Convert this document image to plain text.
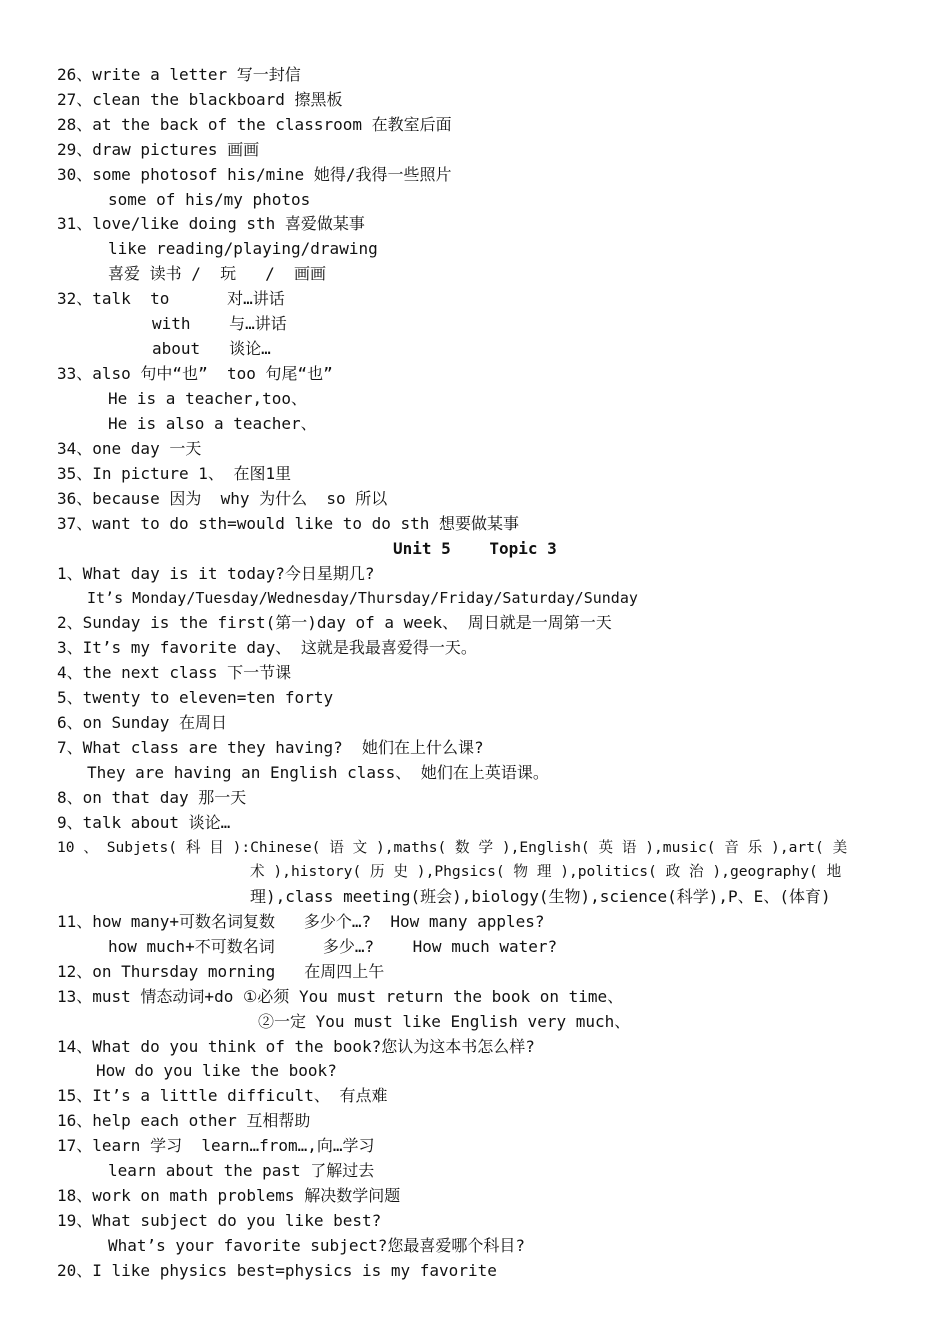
26、write a letter 写一封信
27、clean the blackboard 擦黑板
28、at the back of the classroom 在教室后面
29、draw pictures 画画
30、some photosof his/mine 她得/我得一些照片
some of his/my photos
31、love/like doing sth 喜爱做某事
like reading/playing/drawing
喜爱 读书 /  玩   /  画画
32、talk  to      对…讲话
with    与…讲话
about   谈论…
33、also 句中“也”  too 句尾“也”
He is a teacher,too、
He is also a teacher、
34、one day 一天
35、In picture 1、 在图1里
36、because 因为  why 为什么  so 所以
37、want to do sth=would like to do sth 想要做某事
Unit 5    Topic 3
1、What day is it today?今日星期几?
It’s Monday/Tuesday/Wednesday/Thursday/Friday/Saturday/Sunday
2、Sunday is the first(第一)day of a week、 周日就是一周第一天
3、It’s my favorite day、 这就是我最喜爱得一天。
4、the next class 下一节课
5、twenty to eleven=ten forty
6、on Sunday 在周日
7、What class are they having?  她们在上什么课?
They are having an English class、 她们在上英语课。
8、on that day 那一天
9、talk about 谈论…
10 、 Subjets( 科 目 ):Chinese( 语 文 ),maths( 数 学 ),English( 英 语 ),music( 音 乐 ),art( 美
术 ),history( 历 史 ),Phgsics( 物 理 ),politics( 政 治 ),geography( 地
理),class meeting(班会),biology(生物),science(科学),P、E、(体育)
11、how many+可数名词复数   多少个…?  How many apples?
how much+不可数名词     多少…?    How much water?
12、on Thursday morning   在周四上午
13、must 情态动词+do ①必须 You must return the book on time、
②一定 You must like English very much、
14、What do you think of the book?您认为这本书怎么样?
How do you like the book?
15、It’s a little difficult、 有点难
16、help each other 互相帮助
17、learn 学习  learn…from…,向…学习
learn about the past 了解过去
18、work on math problems 解决数学问题
19、What subject do you like best?
What’s your favorite subject?您最喜爱哪个科目?
20、I like physics best=physics is my favorite
